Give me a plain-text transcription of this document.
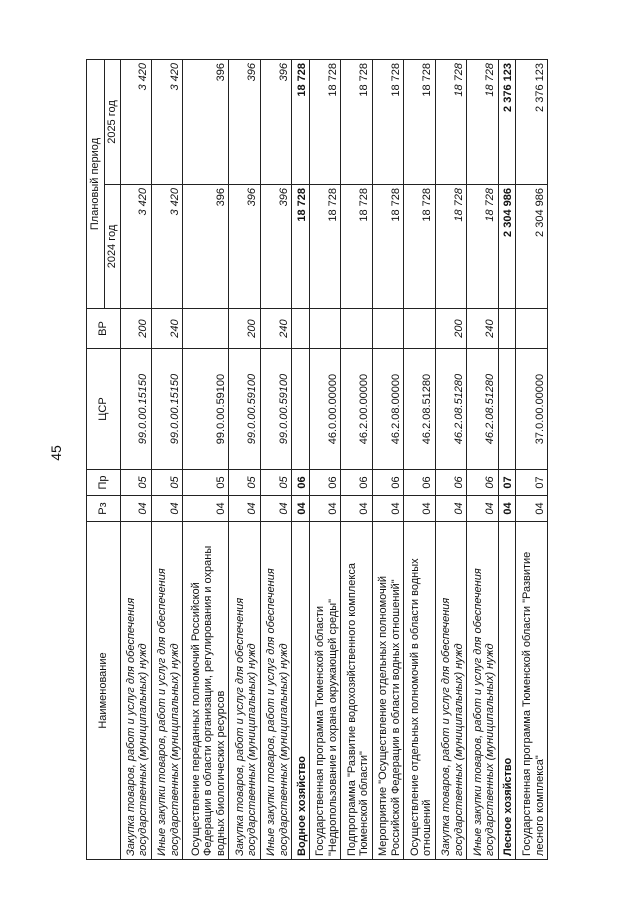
45
Наименование	Рз	Пр	ЦСР	ВР	Плановый период	
					2024 год	2025 год
Закупка товаров, работ и услуг для обеспечения государственных (муниципальных) нужд	04	05	99.0.00.15150	200	3 420	3 420
Иные закупки товаров, работ и услуг для обеспечения государственных (муниципальных) нужд	04	05	99.0.00.15150	240	3 420	3 420
Осуществление переданных полномочий Российской Федерации в области организации, регулирования и охраны водных биологических ресурсов	04	05	99.0.00.59100		396	396
Закупка товаров, работ и услуг для обеспечения государственных (муниципальных) нужд	04	05	99.0.00.59100	200	396	396
Иные закупки товаров, работ и услуг для обеспечения государственных (муниципальных) нужд	04	05	99.0.00.59100	240	396	396
Водное хозяйство	04	06			18 728	18 728
Государственная программа Тюменской области "Недропользование и охрана окружающей среды"	04	06	46.0.00.00000		18 728	18 728
Подпрограмма "Развитие водохозяйственного комплекса Тюменской области"	04	06	46.2.00.00000		18 728	18 728
Мероприятие "Осуществление отдельных полномочий Российской Федерации в области водных отношений"	04	06	46.2.08.00000		18 728	18 728
Осуществление отдельных полномочий в области водных отношений	04	06	46.2.08.51280		18 728	18 728
Закупка товаров, работ и услуг для обеспечения государственных (муниципальных) нужд	04	06	46.2.08.51280	200	18 728	18 728
Иные закупки товаров, работ и услуг для обеспечения государственных (муниципальных) нужд	04	06	46.2.08.51280	240	18 728	18 728
Лесное хозяйство	04	07			2 304 986	2 376 123
Государственная программа Тюменской области "Развитие лесного комплекса"	04	07	37.0.00.00000		2 304 986	2 376 123
